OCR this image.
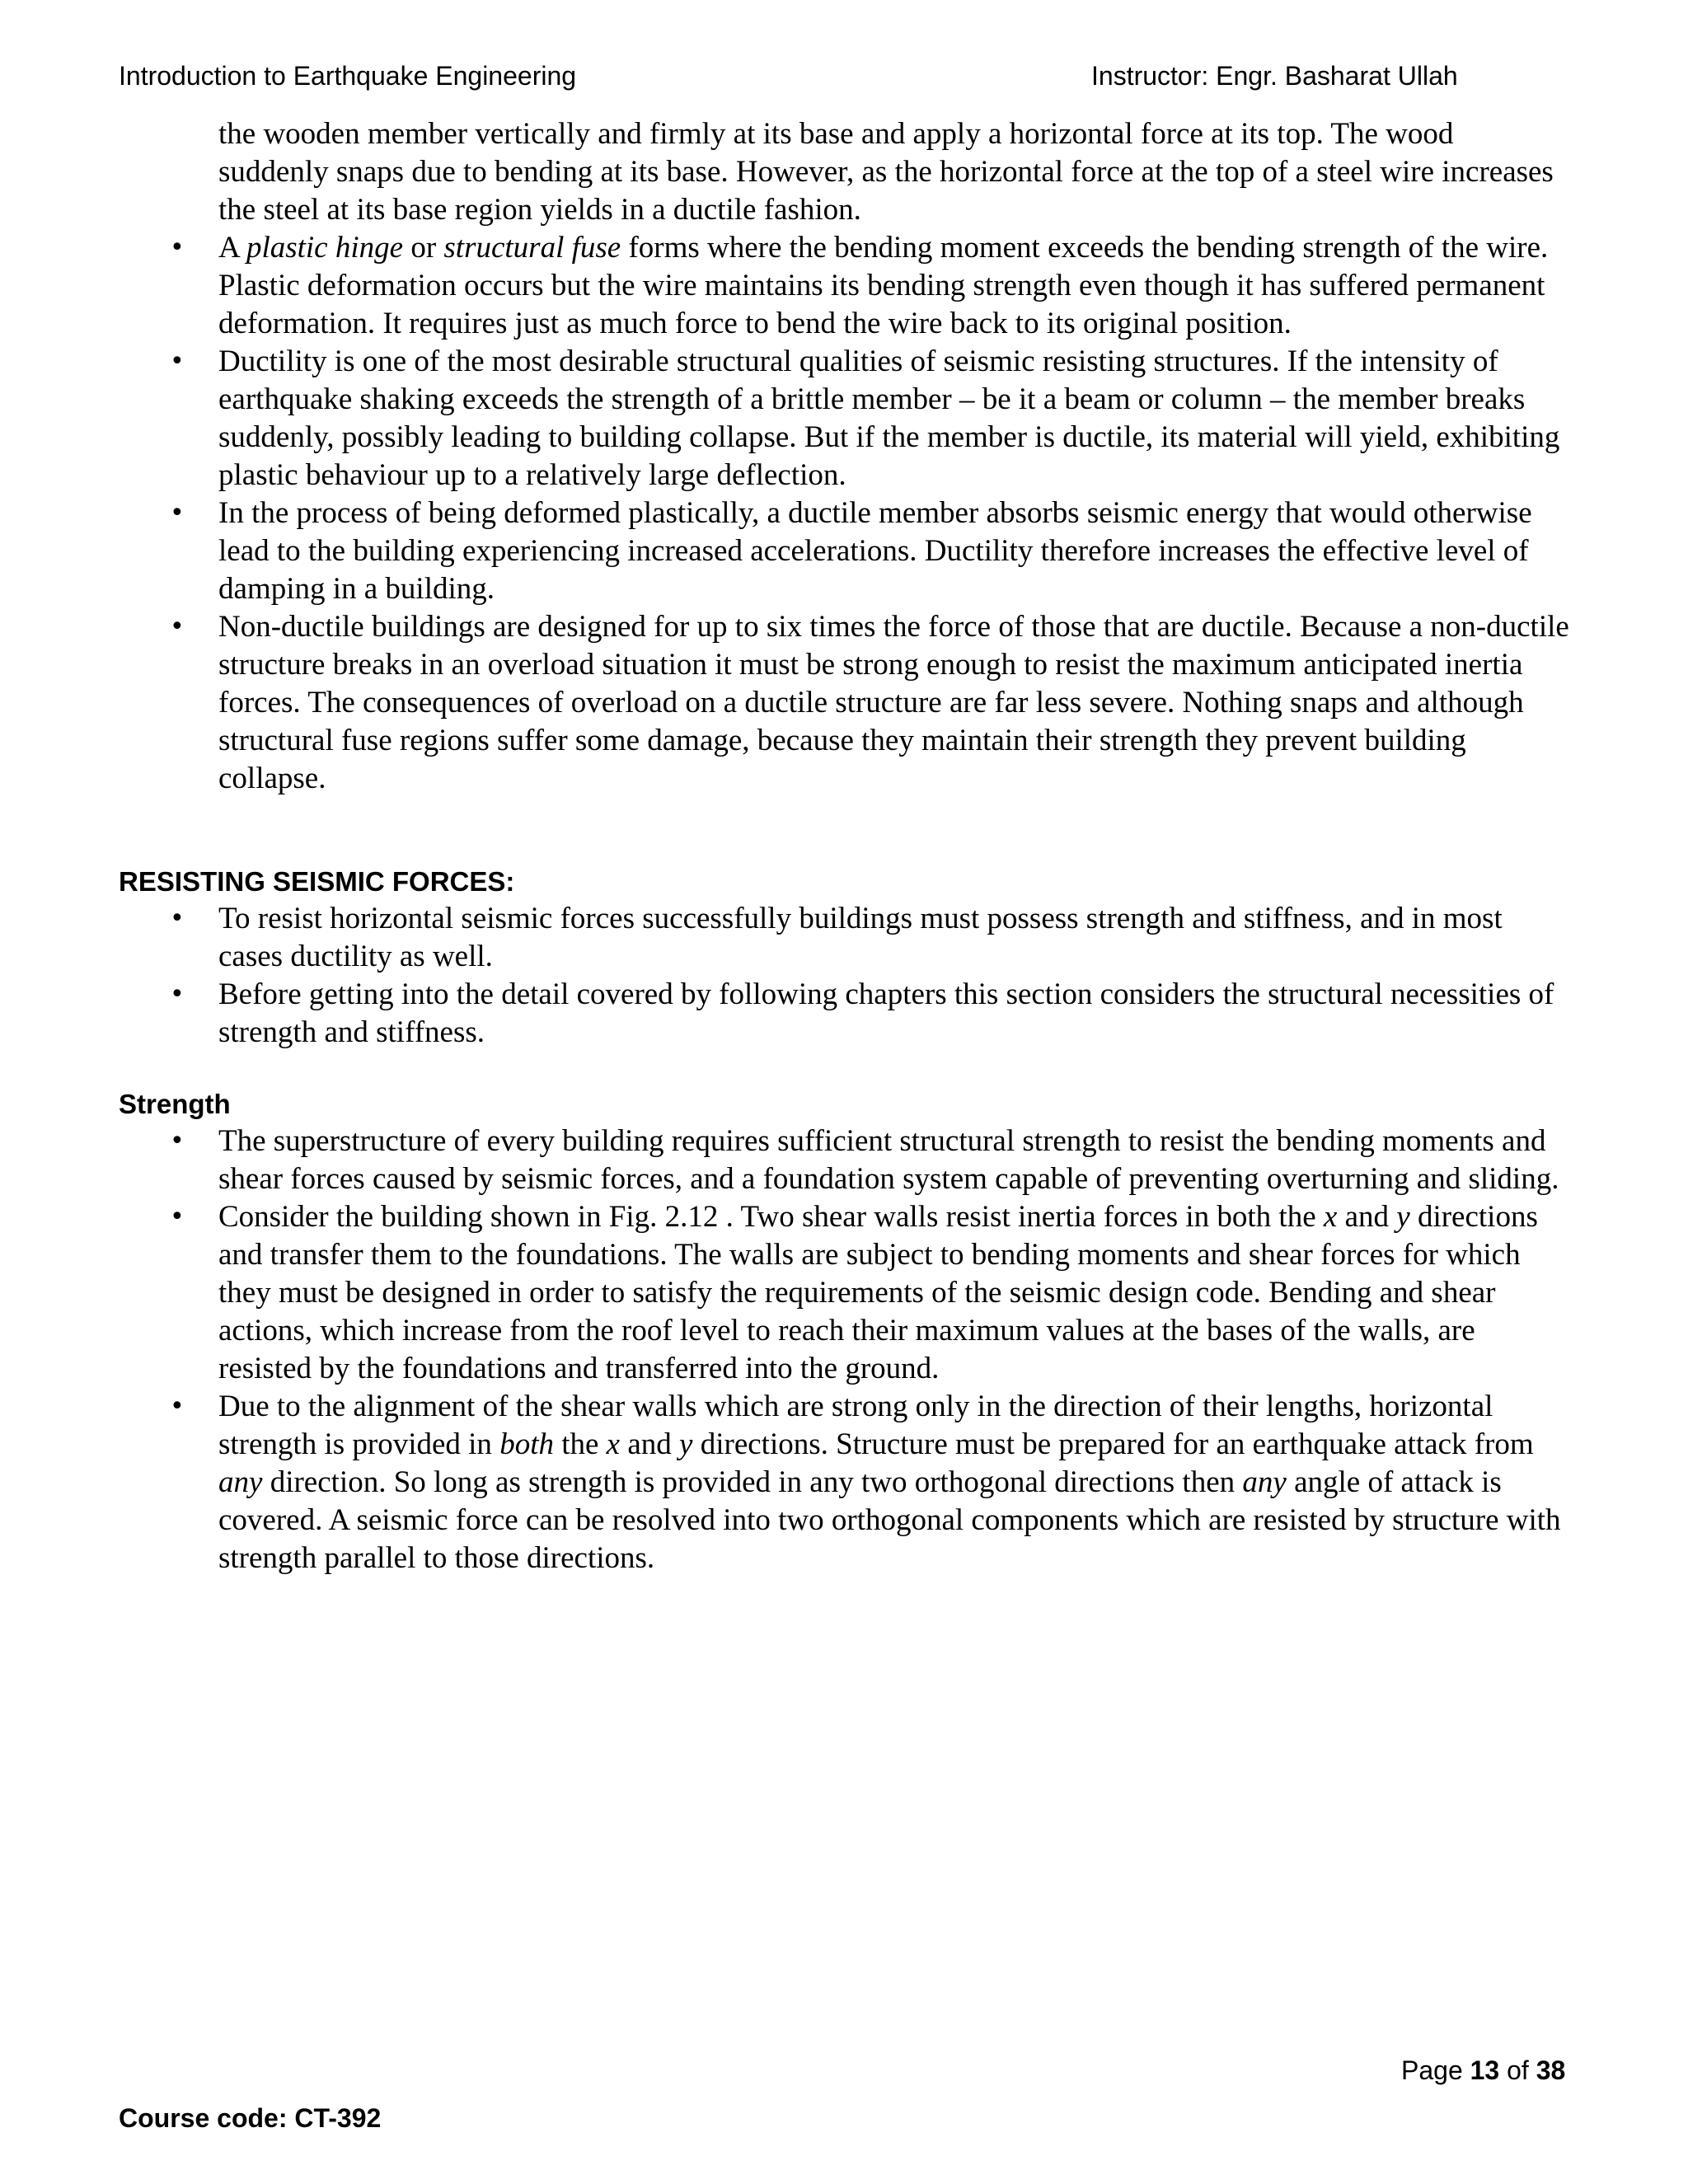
Introduction to Earthquake Engineering	Instructor: Engr. Basharat Ullah
the wooden member vertically and firmly at its base and apply a horizontal force at its top. The wood suddenly snaps due to bending at its base. However, as the horizontal force at the top of a steel wire increases the steel at its base region yields in a ductile fashion.
• A plastic hinge or structural fuse forms where the bending moment exceeds the bending strength of the wire. Plastic deformation occurs but the wire maintains its bending strength even though it has suffered permanent deformation. It requires just as much force to bend the wire back to its original position.
• Ductility is one of the most desirable structural qualities of seismic resisting structures. If the intensity of earthquake shaking exceeds the strength of a brittle member – be it a beam or column – the member breaks suddenly, possibly leading to building collapse. But if the member is ductile, its material will yield, exhibiting plastic behaviour up to a relatively large deflection.
• In the process of being deformed plastically, a ductile member absorbs seismic energy that would otherwise lead to the building experiencing increased accelerations. Ductility therefore increases the effective level of damping in a building.
• Non-ductile buildings are designed for up to six times the force of those that are ductile. Because a non-ductile structure breaks in an overload situation it must be strong enough to resist the maximum anticipated inertia forces. The consequences of overload on a ductile structure are far less severe. Nothing snaps and although structural fuse regions suffer some damage, because they maintain their strength they prevent building collapse.
RESISTING SEISMIC FORCES:
• To resist horizontal seismic forces successfully buildings must possess strength and stiffness, and in most cases ductility as well.
• Before getting into the detail covered by following chapters this section considers the structural necessities of strength and stiffness.
Strength
• The superstructure of every building requires sufficient structural strength to resist the bending moments and shear forces caused by seismic forces, and a foundation system capable of preventing overturning and sliding.
• Consider the building shown in Fig. 2.12 . Two shear walls resist inertia forces in both the x and y directions and transfer them to the foundations. The walls are subject to bending moments and shear forces for which they must be designed in order to satisfy the requirements of the seismic design code. Bending and shear actions, which increase from the roof level to reach their maximum values at the bases of the walls, are resisted by the foundations and transferred into the ground.
• Due to the alignment of the shear walls which are strong only in the direction of their lengths, horizontal strength is provided in both the x and y directions. Structure must be prepared for an earthquake attack from any direction. So long as strength is provided in any two orthogonal directions then any angle of attack is covered. A seismic force can be resolved into two orthogonal components which are resisted by structure with strength parallel to those directions.
Page 13 of 38
Course code: CT-392
